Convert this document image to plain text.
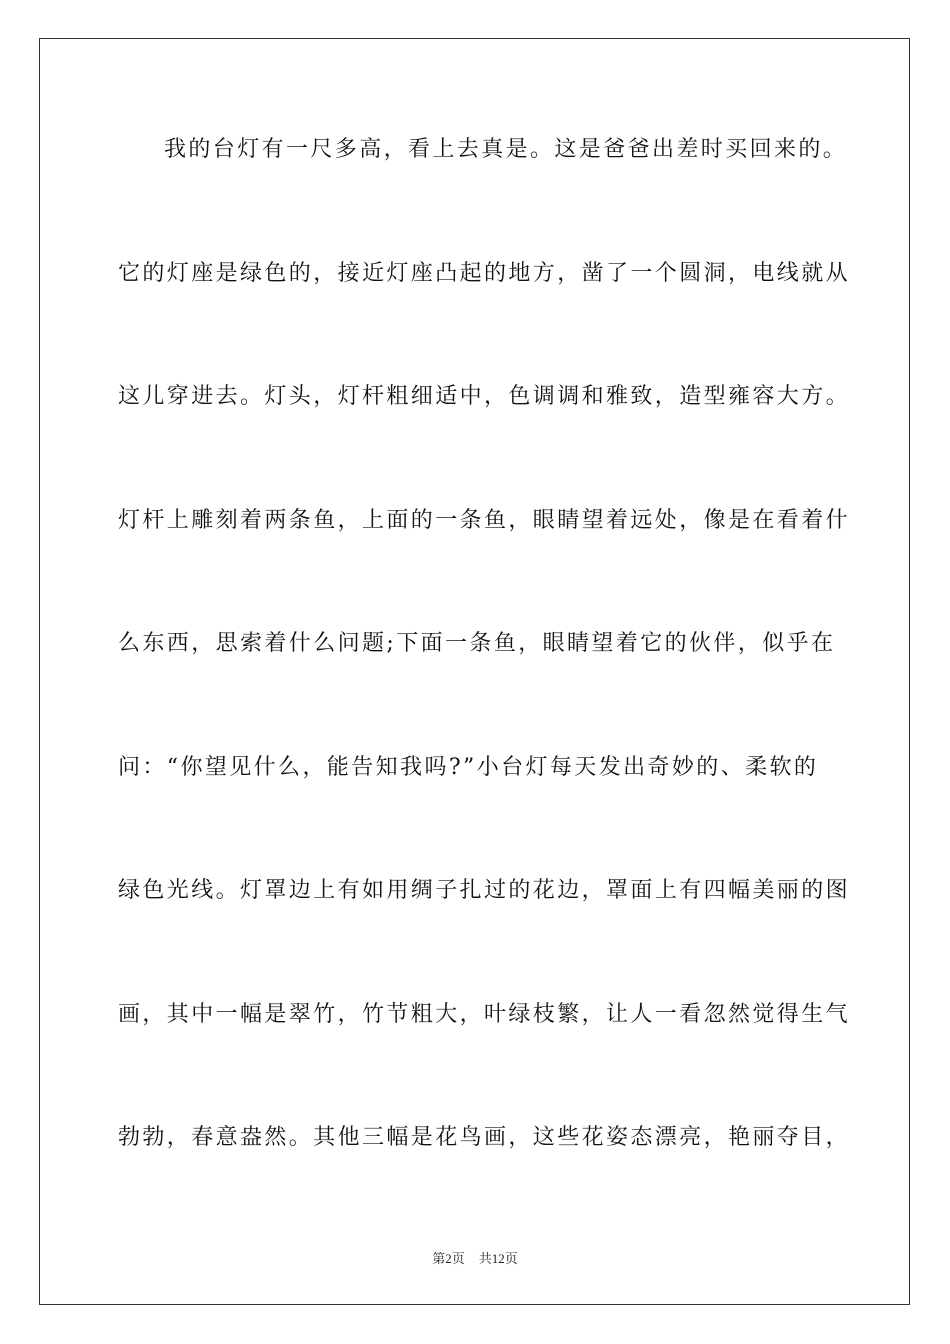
我的台灯有一尺多高，看上去真是。这是爸爸出差时买回来的。
它的灯座是绿色的，接近灯座凸起的地方，凿了一个圆洞，电线就从
这儿穿进去。灯头，灯杆粗细适中，色调调和雅致，造型雍容大方。
灯杆上雕刻着两条鱼，上面的一条鱼，眼睛望着远处，像是在看着什
么东西，思索着什么问题;下面一条鱼，眼睛望着它的伙伴，似乎在
问：“你望见什么，能告知我吗?”小台灯每天发出奇妙的、柔软的
绿色光线。灯罩边上有如用绸子扎过的花边，罩面上有四幅美丽的图
画，其中一幅是翠竹，竹节粗大，叶绿枝繁，让人一看忽然觉得生气
勃勃，春意盎然。其他三幅是花鸟画，这些花姿态漂亮，艳丽夺目，
第2页 共12页
